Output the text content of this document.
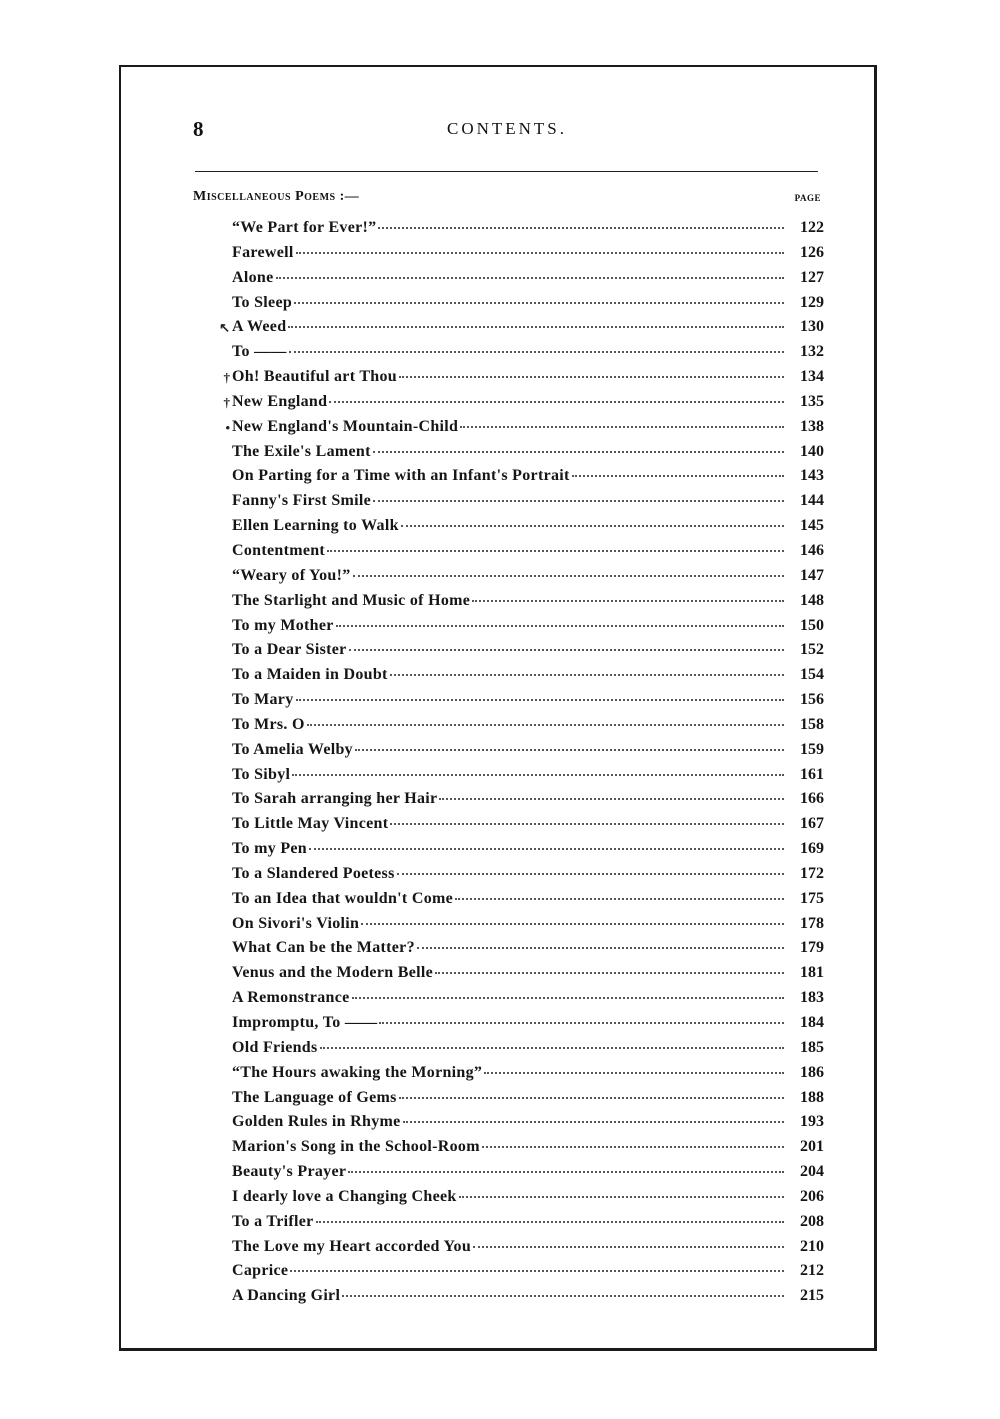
8	CONTENTS.
Miscellaneous Poems :—	PAGE
“We Part for Ever!”	122
Farewell	126
Alone	127
To Sleep	129
↖ A Weed	130
To ——	132
† Oh! Beautiful art Thou	134
† New England	135
• New England's Mountain-Child	138
The Exile's Lament	140
On Parting for a Time with an Infant's Portrait	143
Fanny's First Smile	144
Ellen Learning to Walk	145
Contentment	146
“Weary of You!”	147
The Starlight and Music of Home	148
To my Mother	150
To a Dear Sister	152
To a Maiden in Doubt	154
To Mary	156
To Mrs. O	158
To Amelia Welby	159
To Sibyl	161
To Sarah arranging her Hair	166
To Little May Vincent	167
To my Pen	169
To a Slandered Poetess	172
To an Idea that wouldn't Come	175
On Sivori's Violin	178
What Can be the Matter?	179
Venus and the Modern Belle	181
A Remonstrance	183
Impromptu, To ——	184
Old Friends	185
“The Hours awaking the Morning”	186
The Language of Gems	188
Golden Rules in Rhyme	193
Marion's Song in the School-Room	201
Beauty's Prayer	204
I dearly love a Changing Cheek	206
To a Trifler	208
The Love my Heart accorded You	210
Caprice	212
A Dancing Girl	215
